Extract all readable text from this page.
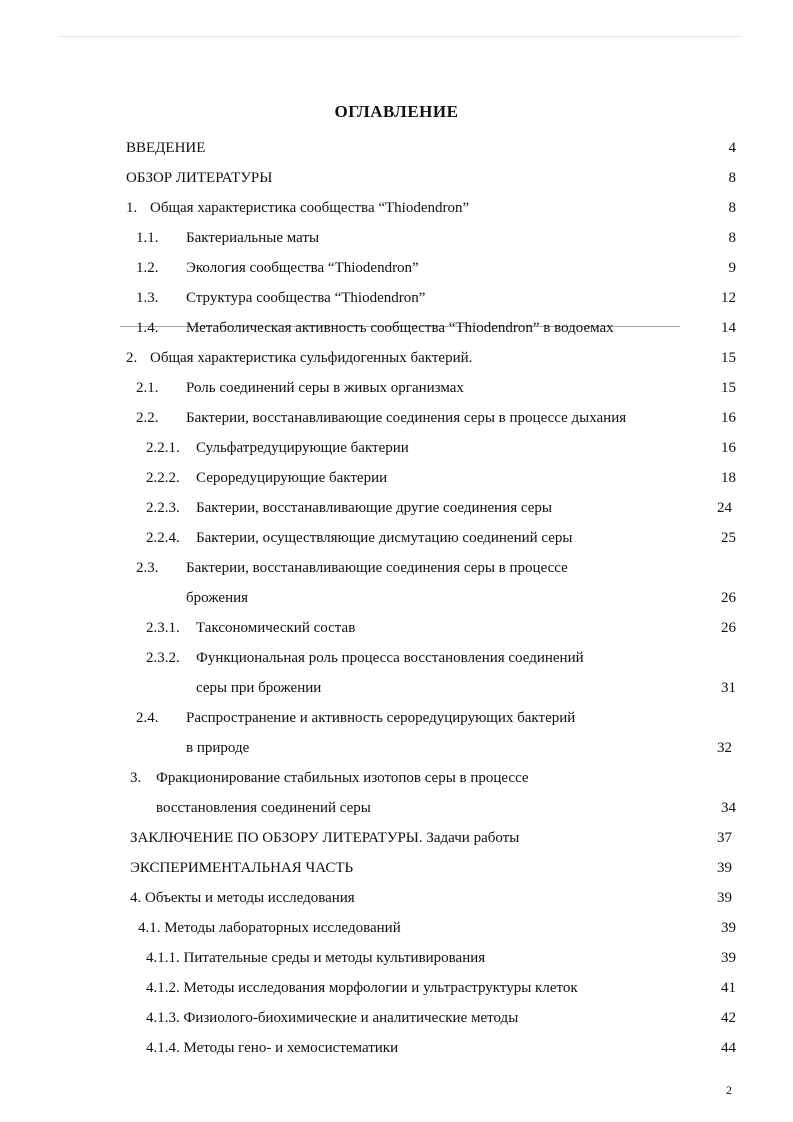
ОГЛАВЛЕНИЕ
ВВЕДЕНИЕ	4
ОБЗОР ЛИТЕРАТУРЫ	8
1. Общая характеристика сообщества “Thiodendron”	8
1.1. Бактериальные маты	8
1.2. Экология сообщества “Thiodendron”	9
1.3. Структура сообщества “Thiodendron”	12
1.4. Метаболическая активность сообщества “Thiodendron” в водоемах	14
2. Общая характеристика сульфидогенных бактерий.	15
2.1. Роль соединений серы в живых организмах	15
2.2. Бактерии, восстанавливающие соединения серы в процессе дыхания	16
2.2.1. Сульфатредуцирующие бактерии	16
2.2.2. Сероредуцирующие бактерии	18
2.2.3. Бактерии, восстанавливающие другие соединения серы	24
2.2.4. Бактерии, осуществляющие дисмутацию соединений серы	25
2.3. Бактерии, восстанавливающие соединения серы в процессе
брожения	26
2.3.1. Таксономический состав	26
2.3.2. Функциональная роль процесса восстановления соединений
серы при брожении	31
2.4. Распространение и активность сероредуцирующих бактерий
в природе	32
3. Фракционирование стабильных изотопов серы в процессе
восстановления соединений серы	34
ЗАКЛЮЧЕНИЕ ПО ОБЗОРУ ЛИТЕРАТУРЫ. Задачи работы	37
ЭКСПЕРИМЕНТАЛЬНАЯ ЧАСТЬ	39
4. Объекты и методы исследования	39
4.1. Методы лабораторных исследований	39
4.1.1. Питательные среды и методы культивирования	39
4.1.2. Методы исследования морфологии и ультраструктуры клеток	41
4.1.3. Физиолого-биохимические и аналитические методы	42
4.1.4. Методы гено- и хемосистематики	44
2
